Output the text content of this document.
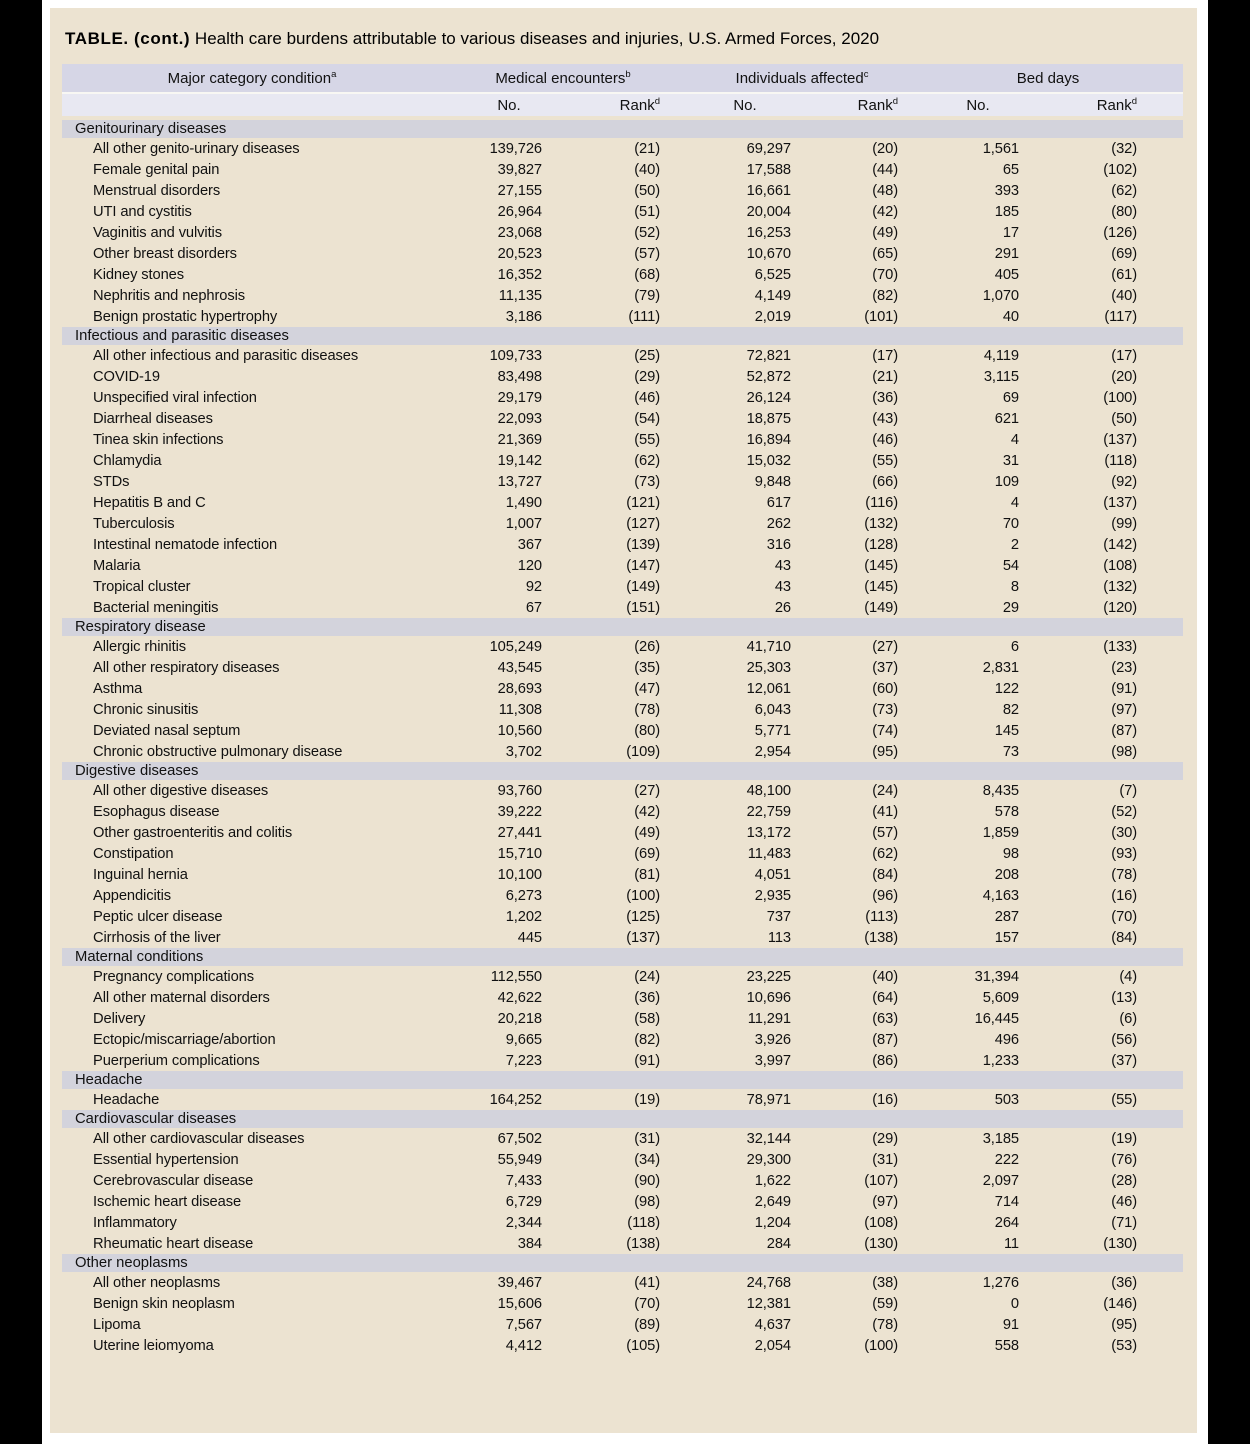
TABLE. (cont.) Health care burdens attributable to various diseases and injuries, U.S. Armed Forces, 2020
Major category condition$^a$	Medical encounters$^b$		Individuals affected$^c$		Bed days		
	No.	Rank$^d$	No.	Rank$^d$	No.	Rank$^d$	
Genitourinary diseases							
All other genito-urinary diseases	139,726	(21)	69,297	(20)	1,561	(32)	
Female genital pain	39,827	(40)	17,588	(44)	65	(102)	
Menstrual disorders	27,155	(50)	16,661	(48)	393	(62)	
UTI and cystitis	26,964	(51)	20,004	(42)	185	(80)	
Vaginitis and vulvitis	23,068	(52)	16,253	(49)	17	(126)	
Other breast disorders	20,523	(57)	10,670	(65)	291	(69)	
Kidney stones	16,352	(68)	6,525	(70)	405	(61)	
Nephritis and nephrosis	11,135	(79)	4,149	(82)	1,070	(40)	
Benign prostatic hypertrophy	3,186	(111)	2,019	(101)	40	(117)	
Infectious and parasitic diseases							
All other infectious and parasitic diseases	109,733	(25)	72,821	(17)	4,119	(17)	
COVID-19	83,498	(29)	52,872	(21)	3,115	(20)	
Unspecified viral infection	29,179	(46)	26,124	(36)	69	(100)	
Diarrheal diseases	22,093	(54)	18,875	(43)	621	(50)	
Tinea skin infections	21,369	(55)	16,894	(46)	4	(137)	
Chlamydia	19,142	(62)	15,032	(55)	31	(118)	
STDs	13,727	(73)	9,848	(66)	109	(92)	
Hepatitis B and C	1,490	(121)	617	(116)	4	(137)	
Tuberculosis	1,007	(127)	262	(132)	70	(99)	
Intestinal nematode infection	367	(139)	316	(128)	2	(142)	
Malaria	120	(147)	43	(145)	54	(108)	
Tropical cluster	92	(149)	43	(145)	8	(132)	
Bacterial meningitis	67	(151)	26	(149)	29	(120)	
Respiratory disease							
Allergic rhinitis	105,249	(26)	41,710	(27)	6	(133)	
All other respiratory diseases	43,545	(35)	25,303	(37)	2,831	(23)	
Asthma	28,693	(47)	12,061	(60)	122	(91)	
Chronic sinusitis	11,308	(78)	6,043	(73)	82	(97)	
Deviated nasal septum	10,560	(80)	5,771	(74)	145	(87)	
Chronic obstructive pulmonary disease	3,702	(109)	2,954	(95)	73	(98)	
Digestive diseases							
All other digestive diseases	93,760	(27)	48,100	(24)	8,435	(7)	
Esophagus disease	39,222	(42)	22,759	(41)	578	(52)	
Other gastroenteritis and colitis	27,441	(49)	13,172	(57)	1,859	(30)	
Constipation	15,710	(69)	11,483	(62)	98	(93)	
Inguinal hernia	10,100	(81)	4,051	(84)	208	(78)	
Appendicitis	6,273	(100)	2,935	(96)	4,163	(16)	
Peptic ulcer disease	1,202	(125)	737	(113)	287	(70)	
Cirrhosis of the liver	445	(137)	113	(138)	157	(84)	
Maternal conditions							
Pregnancy complications	112,550	(24)	23,225	(40)	31,394	(4)	
All other maternal disorders	42,622	(36)	10,696	(64)	5,609	(13)	
Delivery	20,218	(58)	11,291	(63)	16,445	(6)	
Ectopic/miscarriage/abortion	9,665	(82)	3,926	(87)	496	(56)	
Puerperium complications	7,223	(91)	3,997	(86)	1,233	(37)	
Headache							
Headache	164,252	(19)	78,971	(16)	503	(55)	
Cardiovascular diseases							
All other cardiovascular diseases	67,502	(31)	32,144	(29)	3,185	(19)	
Essential hypertension	55,949	(34)	29,300	(31)	222	(76)	
Cerebrovascular disease	7,433	(90)	1,622	(107)	2,097	(28)	
Ischemic heart disease	6,729	(98)	2,649	(97)	714	(46)	
Inflammatory	2,344	(118)	1,204	(108)	264	(71)	
Rheumatic heart disease	384	(138)	284	(130)	11	(130)	
Other neoplasms							
All other neoplasms	39,467	(41)	24,768	(38)	1,276	(36)	
Benign skin neoplasm	15,606	(70)	12,381	(59)	0	(146)	
Lipoma	7,567	(89)	4,637	(78)	91	(95)	
Uterine leiomyoma	4,412	(105)	2,054	(100)	558	(53)	
